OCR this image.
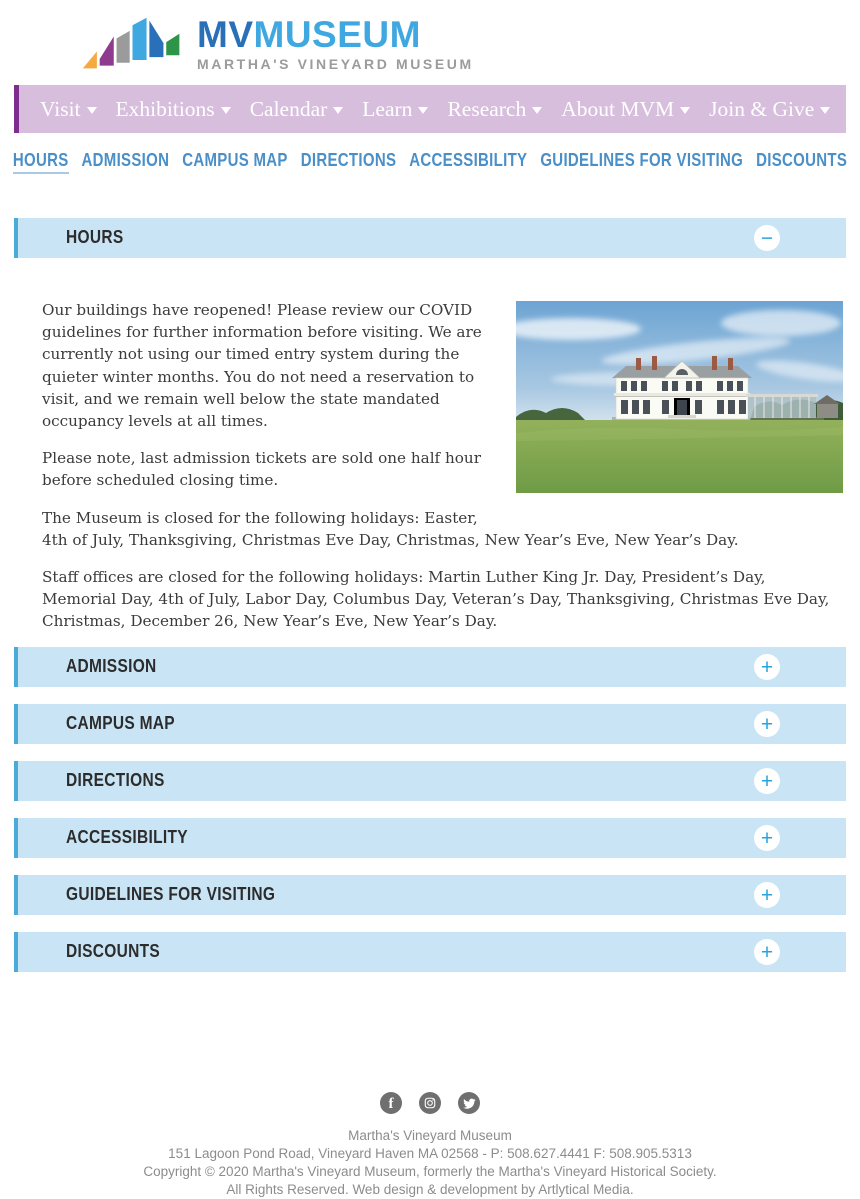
MVMUSEUM
MARTHA'S VINEYARD MUSEUM
Visit Exhibitions Calendar Learn Research About MVM Join & Give
HOURS ADMISSION CAMPUS MAP DIRECTIONS ACCESSIBILITY GUIDELINES FOR VISITING DISCOUNTS
HOURS	−

Our buildings have reopened! Please review our COVID guidelines for further information before visiting. We are currently not using our timed entry system during the quieter winter months. You do not need a reservation to visit, and we remain well below the state mandated occupancy levels at all times.

Please note, last admission tickets are sold one half hour before scheduled closing time.

The Museum is closed for the following holidays: Easter, 4th of July, Thanksgiving, Christmas Eve Day, Christmas, New Year’s Eve, New Year’s Day.

Staff offices are closed for the following holidays: Martin Luther King Jr. Day, President’s Day, Memorial Day, 4th of July, Labor Day, Columbus Day, Veteran’s Day, Thanksgiving, Christmas Eve Day, Christmas, December 26, New Year’s Eve, New Year’s Day.

ADMISSION	+
CAMPUS MAP	+
DIRECTIONS	+
ACCESSIBILITY	+
GUIDELINES FOR VISITING	+
DISCOUNTS	+
f
Martha's Vineyard Museum
151 Lagoon Pond Road, Vineyard Haven MA 02568 - P: 508.627.4441 F: 508.905.5313
Copyright © 2020 Martha's Vineyard Museum, formerly the Martha's Vineyard Historical Society.
All Rights Reserved. Web design & development by Artlytical Media.
